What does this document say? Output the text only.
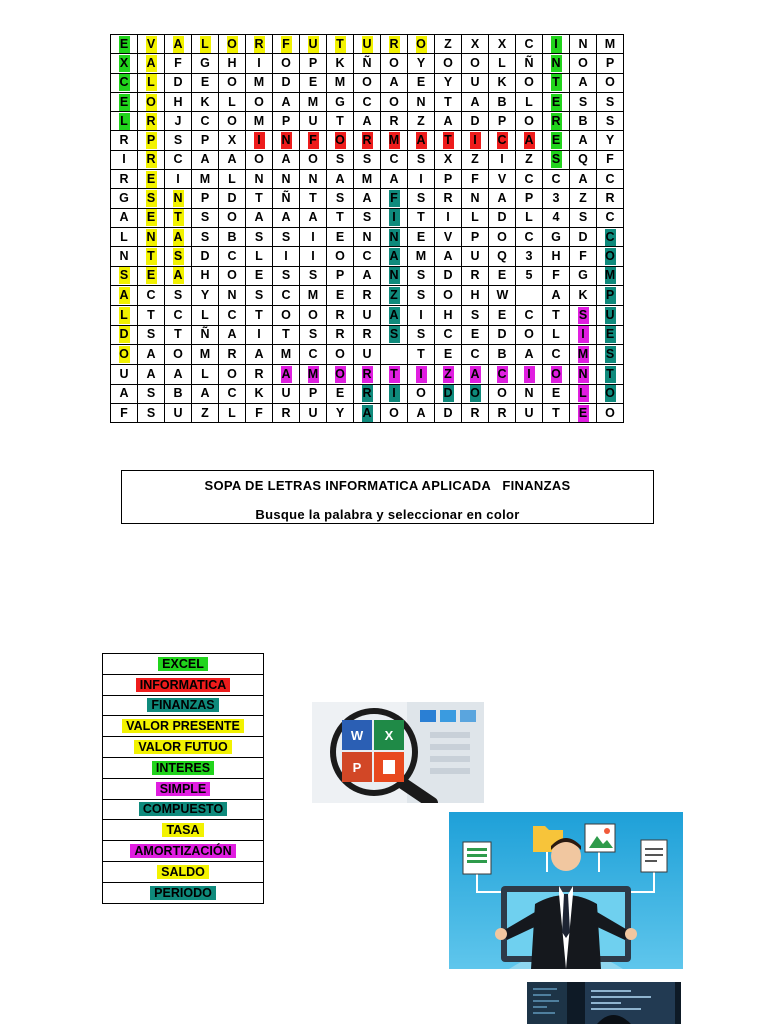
E	V	A	L	O	R	F	U	T	U	R	O	Z	X	X	C	I	N	M
X	A	F	G	H	I	O	P	K	Ñ	O	Y	O	O	L	Ñ	N	O	P
C	L	D	E	O	M	D	E	M	O	A	E	Y	U	K	O	T	A	O
E	O	H	K	L	O	A	M	G	C	O	N	T	A	B	L	E	S	S
L	R	J	C	O	M	P	U	T	A	R	Z	A	D	P	O	R	B	S
R	P	S	P	X	I	N	F	O	R	M	A	T	I	C	A	E	A	Y
I	R	C	A	A	O	A	O	S	S	C	S	X	Z	I	Z	S	Q	F
R	E	I	M	L	N	N	N	A	M	A	I	P	F	V	C	C	A	C
G	S	N	P	D	T	Ñ	T	S	A	F	S	R	N	A	P	3	Z	R
A	E	T	S	O	A	A	A	T	S	I	T	I	L	D	L	4	S	C
L	N	A	S	B	S	S	I	E	N	N	E	V	P	O	C	G	D	C
N	T	S	D	C	L	I	I	O	C	A	M	A	U	Q	3	H	F	O
S	E	A	H	O	E	S	S	P	A	N	S	D	R	E	5	F	G	M
A	C	S	Y	N	S	C	M	E	R	Z	S	O	H	W		A	K	P
L	T	C	L	C	T	O	O	R	U	A	I	H	S	E	C	T	S	U
D	S	T	Ñ	A	I	T	S	R	R	S	S	C	E	D	O	L	I	E
O	A	O	M	R	A	M	C	O	U		T	E	C	B	A	C	M	S
U	A	A	L	O	R	A	M	O	R	T	I	Z	A	C	I	O	N	T
A	S	B	A	C	K	U	P	E	R	I	O	D	O	O	N	E	L	O
F	S	U	Z	L	F	R	U	Y	A	O	A	D	R	R	U	T	E	O
SOPA DE LETRAS INFORMATICA APLICADA   FINANZAS
Busque la palabra y seleccionar en color
EXCEL
INFORMATICA
FINANZAS
VALOR PRESENTE
VALOR FUTUO
INTERES
SIMPLE
COMPUESTO
TASA
AMORTIZACIÓN
SALDO
PERIODO
W X
P
